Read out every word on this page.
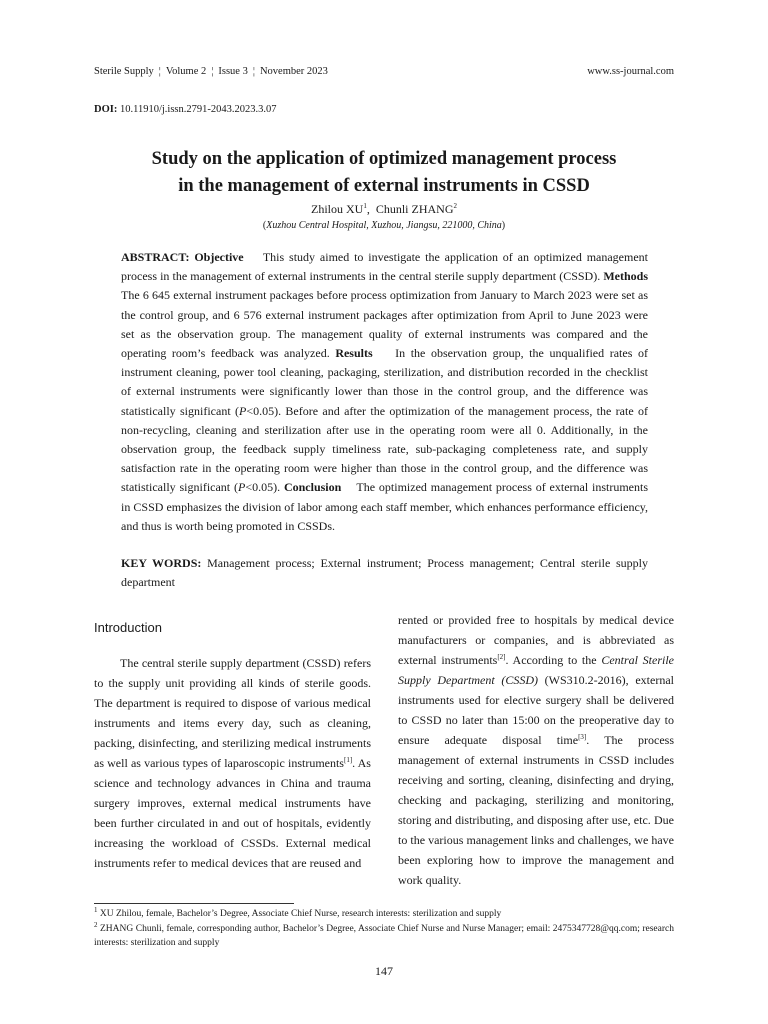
Sterile Supply ¦ Volume 2 ¦ Issue 3 ¦ November 2023	www.ss-journal.com
DOI: 10.11910/j.issn.2791-2043.2023.3.07
Study on the application of optimized management process
in the management of external instruments in CSSD
Zhilou $XU^1$,  Chunli ZHANG$^2$
(Xuzhou Central Hospital, Xuzhou, Jiangsu, 221000, China)
ABSTRACT: Objective    This study aimed to investigate the application of an optimized management process in the management of external instruments in the central sterile supply department (CSSD). Methods    The 6 645 external instrument packages before process optimization from January to March 2023 were set as the control group, and 6 576 external instrument packages after optimization from April to June 2023 were set as the observation group. The management quality of external instruments was compared and the operating room’s feedback was analyzed. Results    In the observation group, the unqualified rates of instrument cleaning, power tool cleaning, packaging, sterilization, and distribution recorded in the checklist of external instruments were significantly lower than those in the control group, and the difference was statistically significant (P<0.05). Before and after the optimization of the management process, the rate of non-recycling, cleaning and sterilization after use in the operating room were all 0. Additionally, in the observation group, the feedback supply timeliness rate, sub-packaging completeness rate, and supply satisfaction rate in the operating room were higher than those in the control group, and the difference was statistically significant (P<0.05). Conclusion    The optimized management process of external instruments in CSSD emphasizes the division of labor among each staff member, which enhances performance efficiency, and thus is worth being promoted in CSSDs.
KEY WORDS: Management process; External instrument; Process management; Central sterile supply department
Introduction

The central sterile supply department (CSSD) refers to the supply unit providing all kinds of sterile goods. The department is required to dispose of various medical instruments and items every day, such as cleaning, packing, disinfecting, and sterilizing medical instruments as well as various types of laparoscopic instruments[1]. As science and technology advances in China and trauma surgery improves, external medical instruments have been further circulated in and out of hospitals, evidently increasing the workload of CSSDs. External medical instruments refer to medical devices that are reused and

rented or provided free to hospitals by medical device manufacturers or companies, and is abbreviated as external instruments[2]. According to the Central Sterile Supply Department (CSSD) (WS310.2-2016), external instruments used for elective surgery shall be delivered to CSSD no later than 15:00 on the preoperative day to ensure adequate disposal time[3]. The process management of external instruments in CSSD includes receiving and sorting, cleaning, disinfecting and drying, checking and packaging, sterilizing and monitoring, storing and distributing, and disposing after use, etc. Due to the various management links and challenges, we have been exploring how to improve the management and work quality.

$^1$ XU Zhilou, female, Bachelor’s Degree, Associate Chief Nurse, research interests: sterilization and supply
$^2$ ZHANG Chunli, female, corresponding author, Bachelor’s Degree, Associate Chief Nurse and Nurse Manager; email: 2475347728@qq.com; research interests: sterilization and supply
147
